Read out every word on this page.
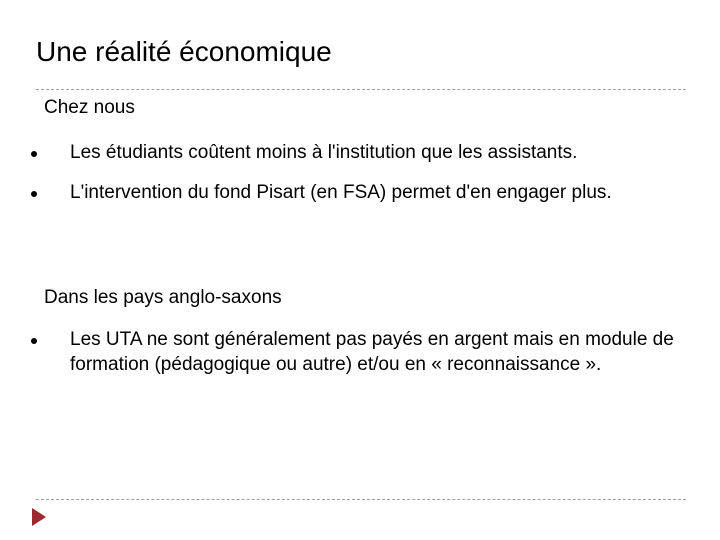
Une réalité économique
Chez nous
Les étudiants coûtent moins à l'institution que les assistants.
L'intervention du fond Pisart (en FSA) permet d'en engager plus.
Dans les pays anglo-saxons
Les UTA ne sont généralement pas payés en argent mais en module de formation (pédagogique ou autre) et/ou en « reconnaissance ».
